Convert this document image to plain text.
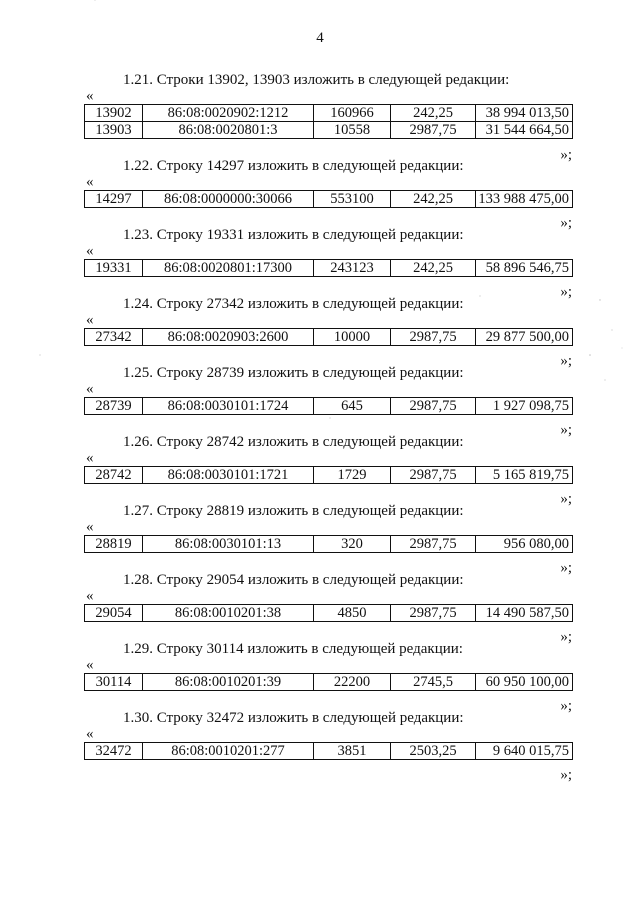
4
1.21. Строки 13902, 13903 изложить в следующей редакции:
«
13902	86:08:0020902:1212	160966	242,25	38 994 013,50
13903	86:08:0020801:3	10558	2987,75	31 544 664,50
»;
1.22. Строку 14297 изложить в следующей редакции:
«
14297	86:08:0000000:30066	553100	242,25	133 988 475,00
»;
1.23. Строку 19331 изложить в следующей редакции:
«
19331	86:08:0020801:17300	243123	242,25	58 896 546,75
»;
1.24. Строку 27342 изложить в следующей редакции:
«
27342	86:08:0020903:2600	10000	2987,75	29 877 500,00
»;
1.25. Строку 28739 изложить в следующей редакции:
«
28739	86:08:0030101:1724	645	2987,75	1 927 098,75
»;
1.26. Строку 28742 изложить в следующей редакции:
«
28742	86:08:0030101:1721	1729	2987,75	5 165 819,75
»;
1.27. Строку 28819 изложить в следующей редакции:
«
28819	86:08:0030101:13	320	2987,75	956 080,00
»;
1.28. Строку 29054 изложить в следующей редакции:
«
29054	86:08:0010201:38	4850	2987,75	14 490 587,50
»;
1.29. Строку 30114 изложить в следующей редакции:
«
30114	86:08:0010201:39	22200	2745,5	60 950 100,00
»;
1.30. Строку 32472 изложить в следующей редакции:
«
32472	86:08:0010201:277	3851	2503,25	9 640 015,75
»;
